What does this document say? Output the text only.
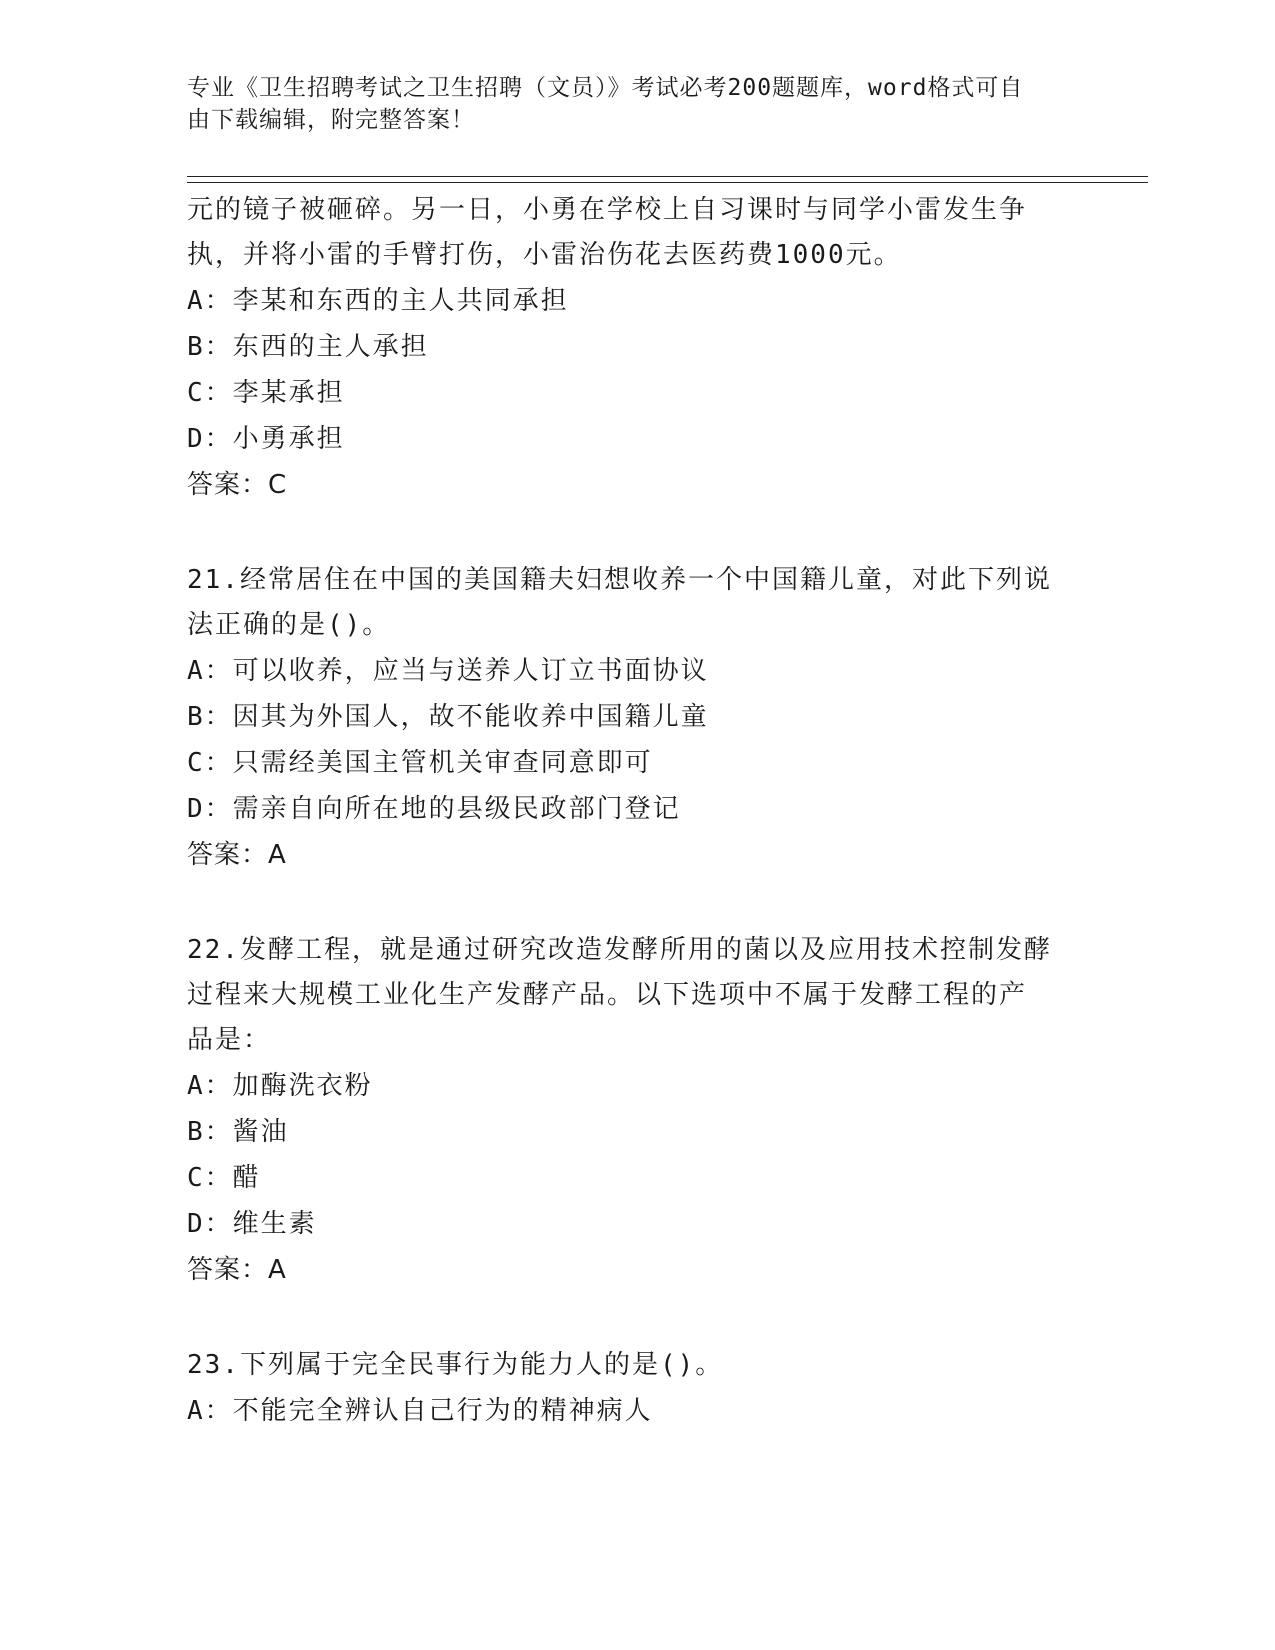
专业《卫生招聘考试之卫生招聘（文员）》考试必考200题题库，word格式可自
由下载编辑，附完整答案！
元的镜子被砸碎。另一日，小勇在学校上自习课时与同学小雷发生争
执，并将小雷的手臂打伤，小雷治伤花去医药费1000元。
A：李某和东西的主人共同承担
B：东西的主人承担
C：李某承担
D：小勇承担
答案：C
21.经常居住在中国的美国籍夫妇想收养一个中国籍儿童，对此下列说
法正确的是()。
A：可以收养，应当与送养人订立书面协议
B：因其为外国人，故不能收养中国籍儿童
C：只需经美国主管机关审查同意即可
D：需亲自向所在地的县级民政部门登记
答案：A
22.发酵工程，就是通过研究改造发酵所用的菌以及应用技术控制发酵
过程来大规模工业化生产发酵产品。以下选项中不属于发酵工程的产
品是：
A：加酶洗衣粉
B：酱油
C：醋
D：维生素
答案：A
23.下列属于完全民事行为能力人的是()。
A：不能完全辨认自己行为的精神病人
